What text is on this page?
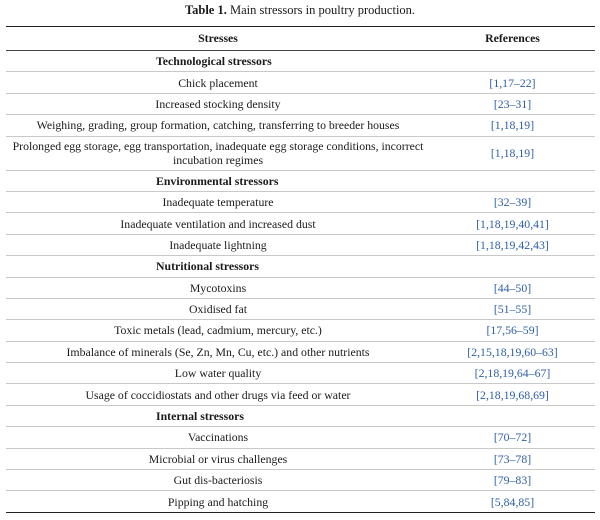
Table 1. Main stressors in poultry production.
Stresses	References
Technological stressors	
Chick placement	[1,17–22]
Increased stocking density	[23–31]
Weighing, grading, group formation, catching, transferring to breeder houses	[1,18,19]
Prolonged egg storage, egg transportation, inadequate egg storage conditions, incorrect incubation regimes	[1,18,19]
Environmental stressors	
Inadequate temperature	[32–39]
Inadequate ventilation and increased dust	[1,18,19,40,41]
Inadequate lightning	[1,18,19,42,43]
Nutritional stressors	
Mycotoxins	[44–50]
Oxidised fat	[51–55]
Toxic metals (lead, cadmium, mercury, etc.)	[17,56–59]
Imbalance of minerals (Se, Zn, Mn, Cu, etc.) and other nutrients	[2,15,18,19,60–63]
Low water quality	[2,18,19,64–67]
Usage of coccidiostats and other drugs via feed or water	[2,18,19,68,69]
Internal stressors	
Vaccinations	[70–72]
Microbial or virus challenges	[73–78]
Gut dis-bacteriosis	[79–83]
Pipping and hatching	[5,84,85]
